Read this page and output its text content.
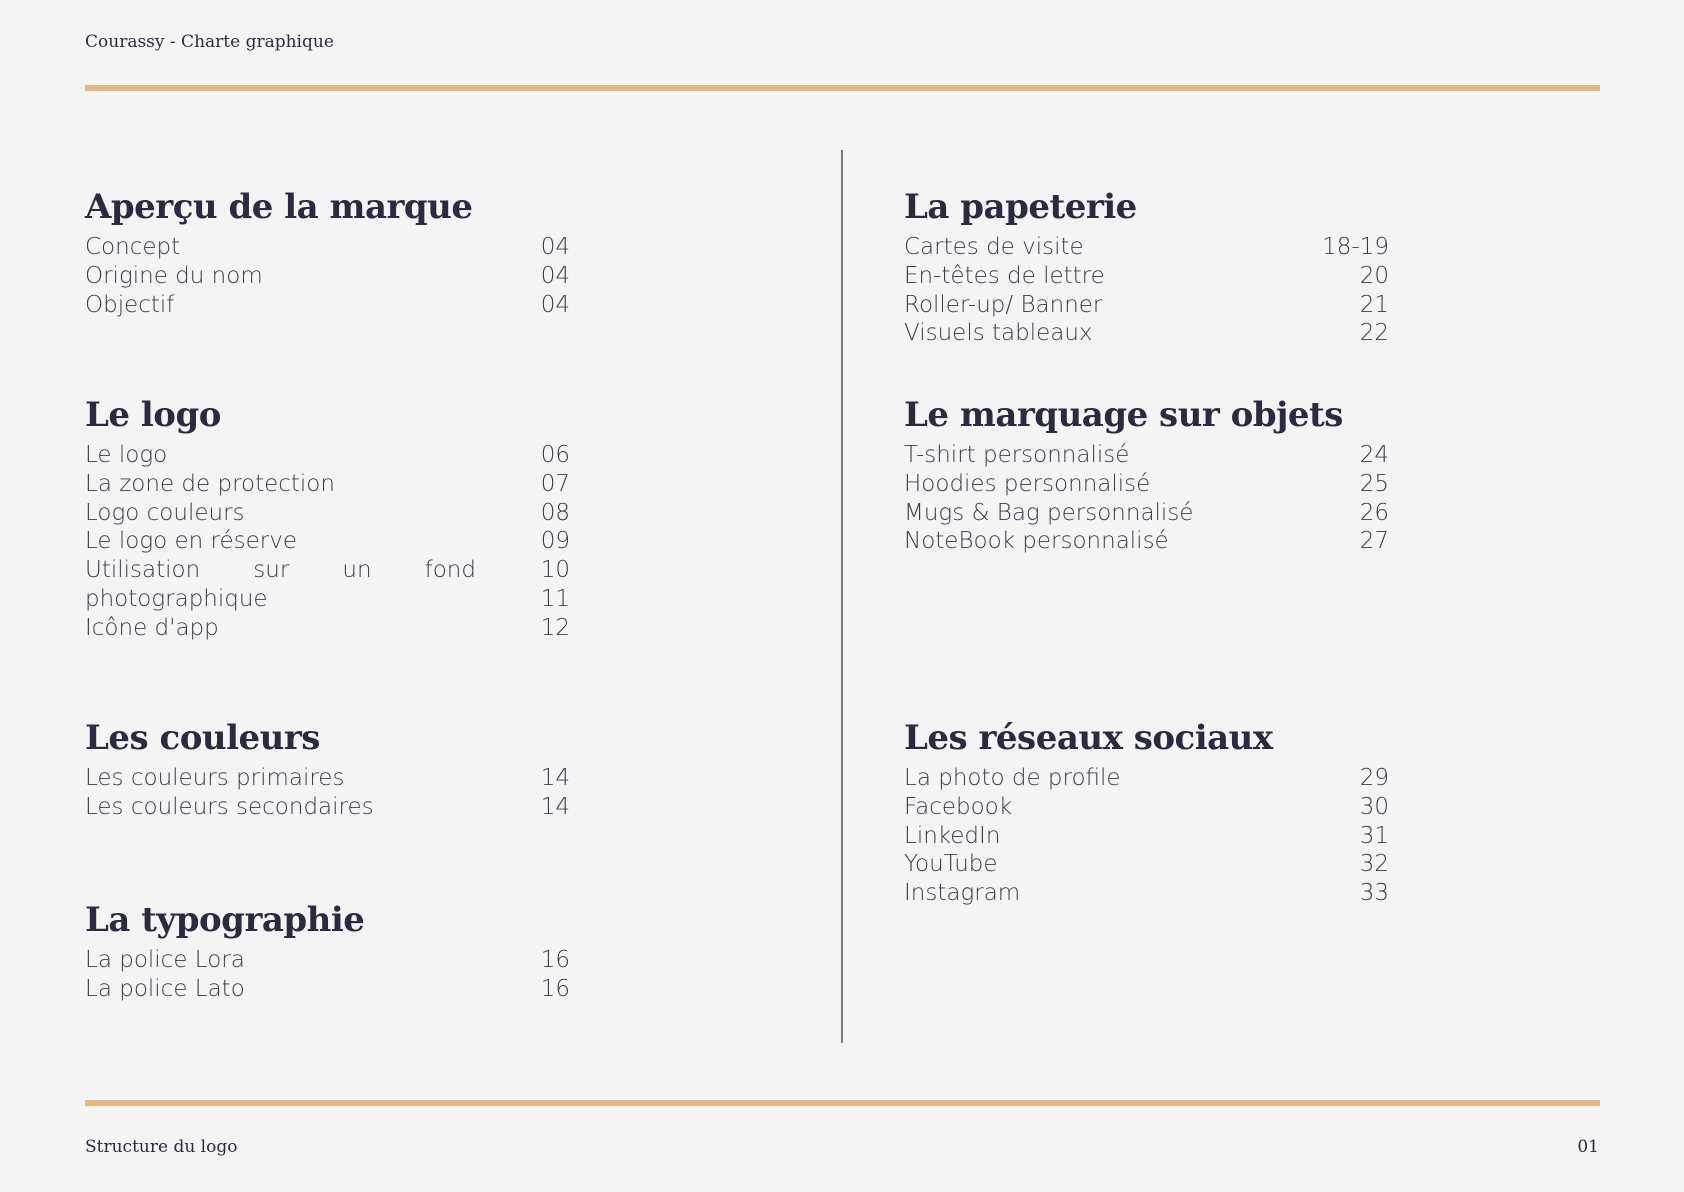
Courassy - Charte graphique
Aperçu de la marque
Concept	04
Origine du nom	04
Objectif	04
Le logo
Le logo	06
La zone de protection	07
Logo couleurs	08
Le logo en réserve	09
Utilisation sur un fond	10
photographique	11
Icône d'app	12
Les couleurs
Les couleurs primaires	14
Les couleurs secondaires	14
La typographie
La police Lora	16
La police Lato	16
La papeterie
Cartes de visite	18-19
En-têtes de lettre	20
Roller-up/ Banner	21
Visuels tableaux	22
Le marquage sur objets
T-shirt personnalisé	24
Hoodies personnalisé	25
Mugs & Bag personnalisé	26
NoteBook personnalisé	27
Les réseaux sociaux
La photo de profile	29
Facebook	30
LinkedIn	31
YouTube	32
Instagram	33
Structure du logo	01
